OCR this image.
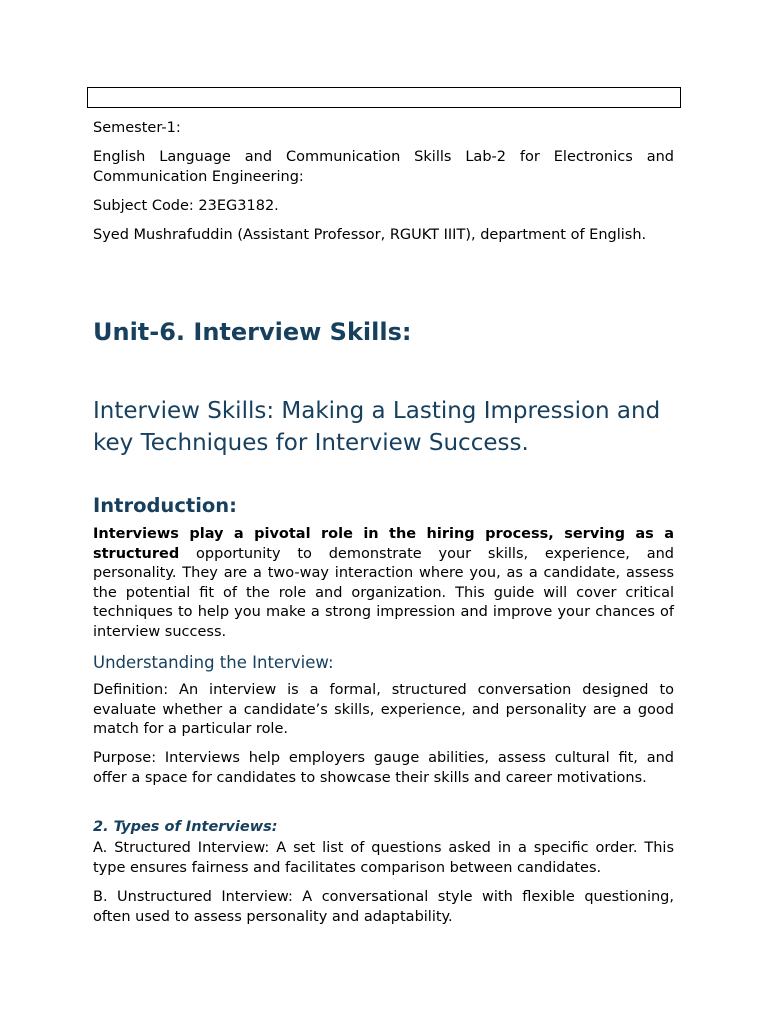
Semester-1:

English Language and Communication Skills Lab-2 for Electronics and Communication Engineering:

Subject Code: 23EG3182.

Syed Mushrafuddin (Assistant Professor, RGUKT IIIT), department of English.

Unit-6. Interview Skills:
Interview Skills: Making a Lasting Impression and key Techniques for Interview Success.
Introduction:

Interviews play a pivotal role in the hiring process, serving as a structured opportunity to demonstrate your skills, experience, and personality. They are a two-way interaction where you, as a candidate, assess the potential fit of the role and organization. This guide will cover critical techniques to help you make a strong impression and improve your chances of interview success.

Understanding the Interview:

Definition: An interview is a formal, structured conversation designed to evaluate whether a candidate’s skills, experience, and personality are a good match for a particular role.

Purpose: Interviews help employers gauge abilities, assess cultural fit, and offer a space for candidates to showcase their skills and career motivations.

2. Types of Interviews:

A. Structured Interview: A set list of questions asked in a specific order. This type ensures fairness and facilitates comparison between candidates.

B. Unstructured Interview: A conversational style with flexible questioning, often used to assess personality and adaptability.
